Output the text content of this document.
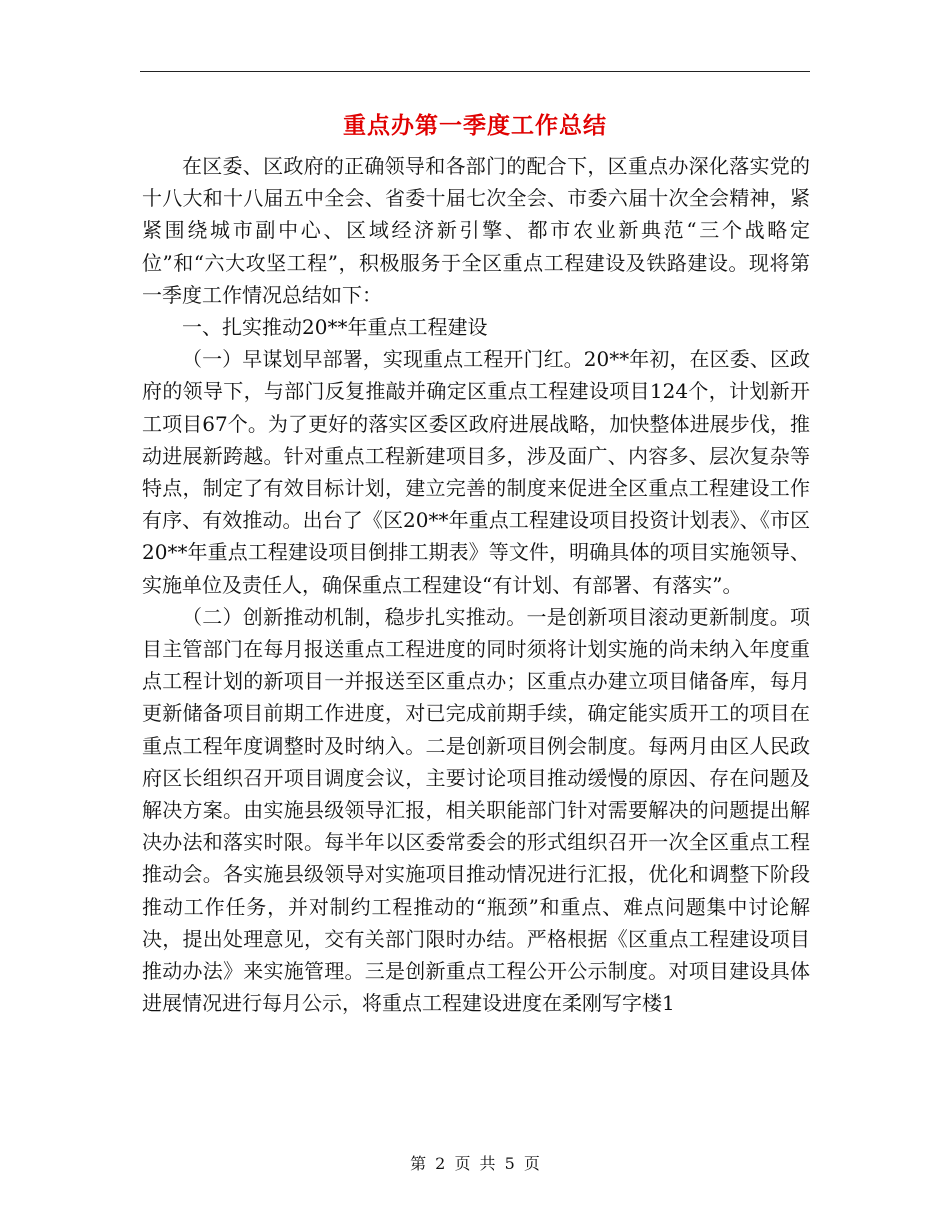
重点办第一季度工作总结

在区委、区政府的正确领导和各部门的配合下，区重点办深化落实党的十八大和十八届五中全会、省委十届七次全会、市委六届十次全会精神，紧紧围绕城市副中心、区域经济新引擎、都市农业新典范“三个战略定位”和“六大攻坚工程”，积极服务于全区重点工程建设及铁路建设。现将第一季度工作情况总结如下：

一、扎实推动20**年重点工程建设

（一）早谋划早部署，实现重点工程开门红。20**年初，在区委、区政府的领导下，与部门反复推敲并确定区重点工程建设项目124个，计划新开工项目67个。为了更好的落实区委区政府进展战略，加快整体进展步伐，推动进展新跨越。针对重点工程新建项目多，涉及面广、内容多、层次复杂等特点，制定了有效目标计划，建立完善的制度来促进全区重点工程建设工作有序、有效推动。出台了《区20**年重点工程建设项目投资计划表》、《市区20**年重点工程建设项目倒排工期表》等文件，明确具体的项目实施领导、实施单位及责任人，确保重点工程建设“有计划、有部署、有落实”。

（二）创新推动机制，稳步扎实推动。一是创新项目滚动更新制度。项目主管部门在每月报送重点工程进度的同时须将计划实施的尚未纳入年度重点工程计划的新项目一并报送至区重点办；区重点办建立项目储备库，每月更新储备项目前期工作进度，对已完成前期手续，确定能实质开工的项目在重点工程年度调整时及时纳入。二是创新项目例会制度。每两月由区人民政府区长组织召开项目调度会议，主要讨论项目推动缓慢的原因、存在问题及解决方案。由实施县级领导汇报，相关职能部门针对需要解决的问题提出解决办法和落实时限。每半年以区委常委会的形式组织召开一次全区重点工程推动会。各实施县级领导对实施项目推动情况进行汇报，优化和调整下阶段推动工作任务，并对制约工程推动的“瓶颈”和重点、难点问题集中讨论解决，提出处理意见，交有关部门限时办结。严格根据《区重点工程建设项目推动办法》来实施管理。三是创新重点工程公开公示制度。对项目建设具体进展情况进行每月公示，将重点工程建设进度在柔刚写字楼1

第 2 页 共 5 页
